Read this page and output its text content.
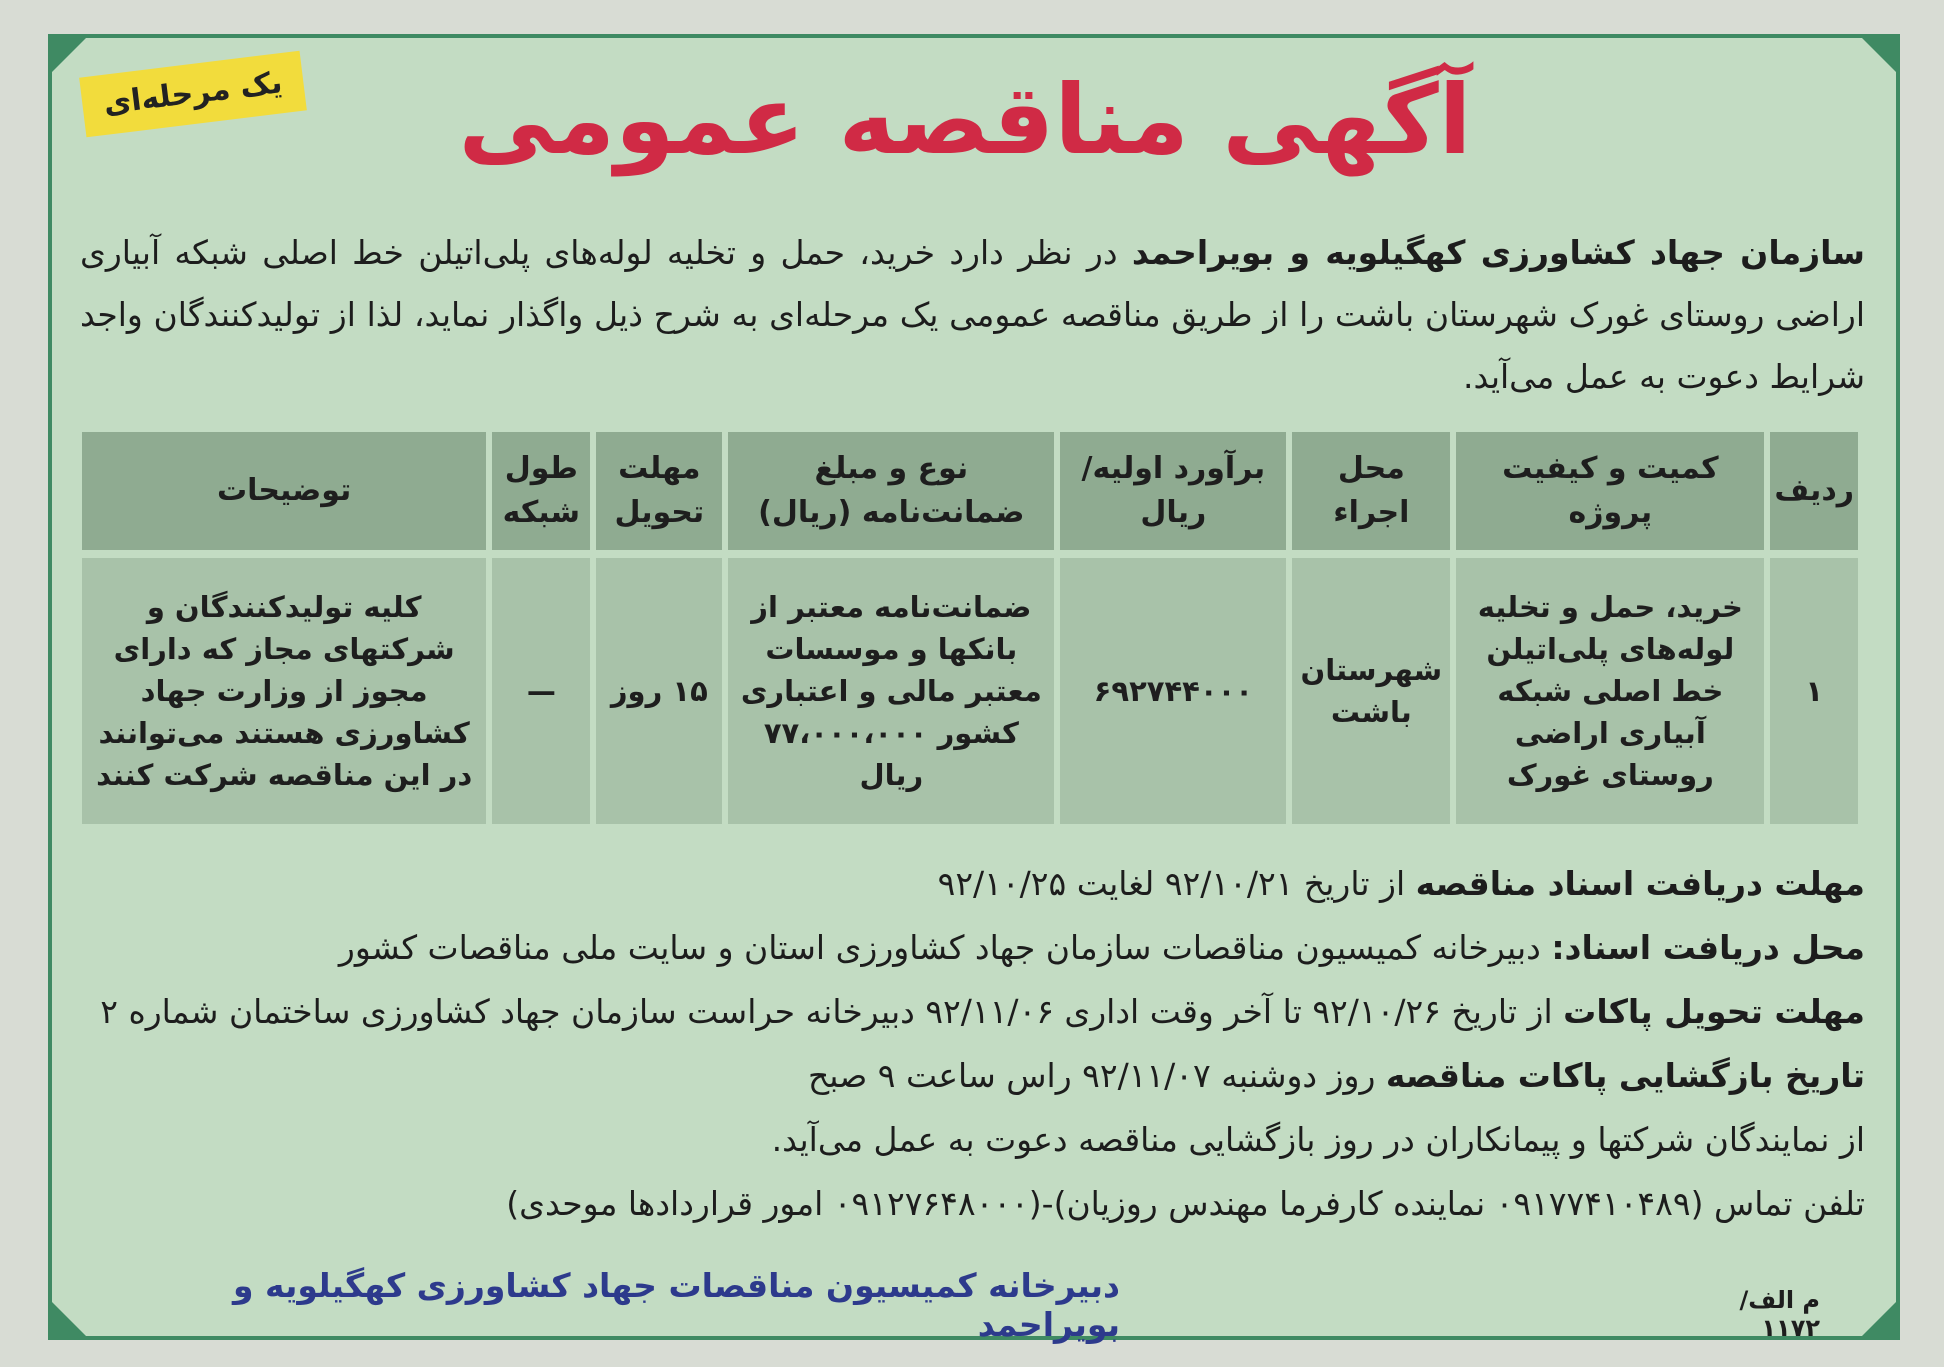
یک مرحله‌ای	آگهی مناقصه عمومی
سازمان جهاد کشاورزی کهگیلویه و بویراحمد در نظر دارد خرید، حمل و تخلیه لوله‌های پلی‌اتیلن خط اصلی شبکه آبیاری اراضی روستای غورک شهرستان باشت را از طریق مناقصه عمومی یک مرحله‌ای به شرح ذیل واگذار نماید، لذا از تولیدکنندگان واجد شرایط دعوت به عمل می‌آید.
ردیف	کمیت و کیفیت پروژه	محل اجراء	برآورد اولیه/ ریال	نوع و مبلغ ضمانت‌نامه (ریال)	مهلت تحویل	طول شبکه	توضیحات
۱	خرید، حمل و تخلیه لوله‌های پلی‌اتیلن خط اصلی شبکه آبیاری اراضی روستای غورک	شهرستان باشت	۶۹۲۷۴۴۰۰۰	ضمانت‌نامه معتبر از بانکها و موسسات معتبر مالی و اعتباری کشور ۷۷،۰۰۰،۰۰۰ ریال	۱۵ روز	—	کلیه تولیدکنندگان و شرکتهای مجاز که دارای مجوز از وزارت جهاد کشاورزی هستند می‌توانند در این مناقصه شرکت کنند
مهلت دریافت اسناد مناقصه از تاریخ ۹۲/۱۰/۲۱ لغایت ۹۲/۱۰/۲۵
محل دریافت اسناد: دبیرخانه کمیسیون مناقصات سازمان جهاد کشاورزی استان و سایت ملی مناقصات کشور
مهلت تحویل پاکات از تاریخ ۹۲/۱۰/۲۶ تا آخر وقت اداری ۹۲/۱۱/۰۶ دبیرخانه حراست سازمان جهاد کشاورزی ساختمان شماره ۲
تاریخ بازگشایی پاکات مناقصه روز دوشنبه ۹۲/۱۱/۰۷ راس ساعت ۹ صبح
از نمایندگان شرکتها و پیمانکاران در روز بازگشایی مناقصه دعوت به عمل می‌آید.
تلفن تماس (۰۹۱۷۷۴۱۰۴۸۹ نماینده کارفرما مهندس روزیان)-(۰۹۱۲۷۶۴۸۰۰۰ امور قراردادها موحدی)
دبیرخانه کمیسیون مناقصات جهاد کشاورزی کهگیلویه و بویراحمد
م الف/ ۱۱۷۲
